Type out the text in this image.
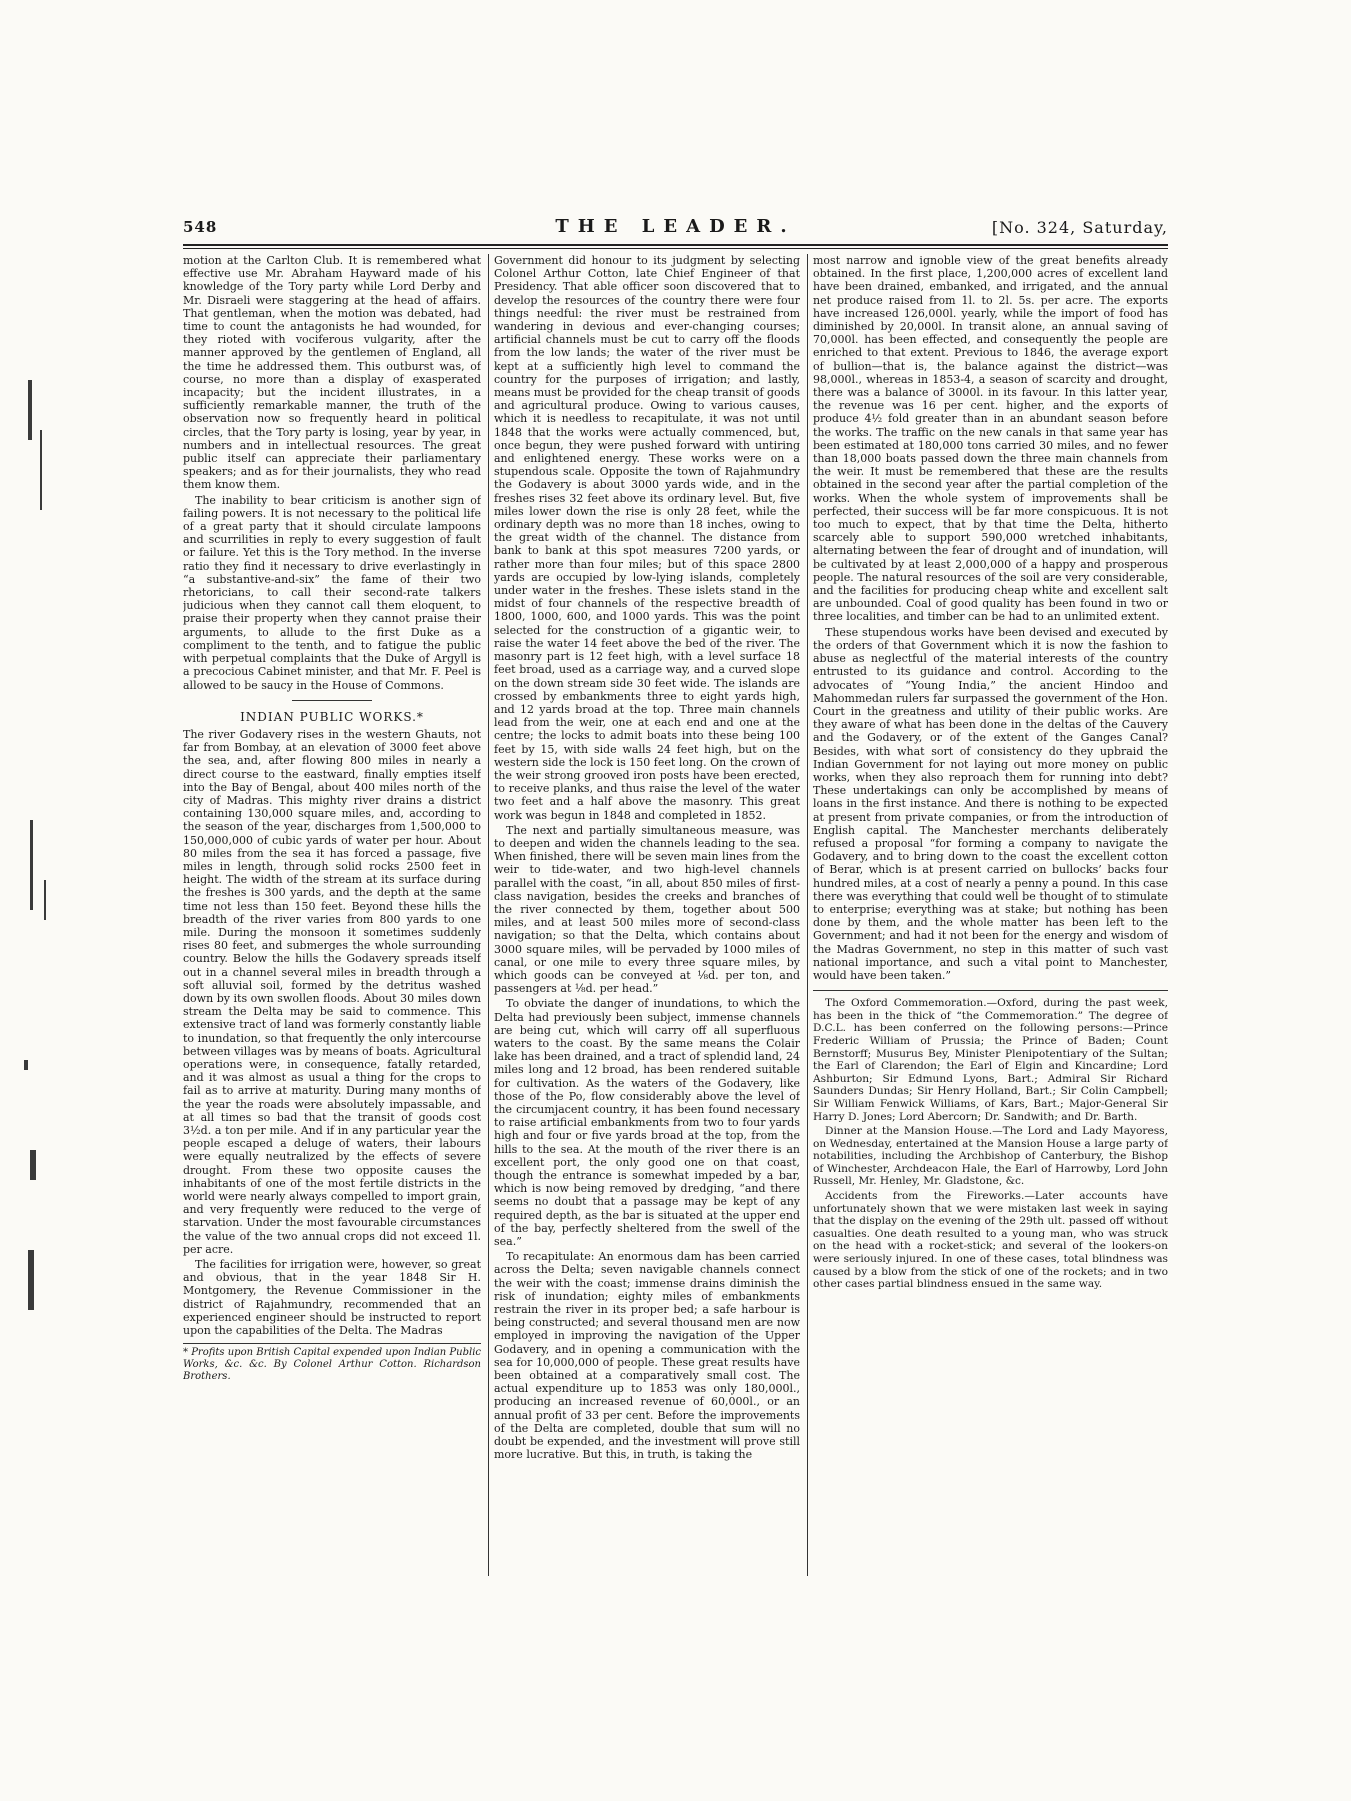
548	THE LEADER.	[No. 324, Saturday,

motion at the Carlton Club. It is remembered what effective use Mr. Abraham Hayward made of his knowledge of the Tory party while Lord Derby and Mr. Disraeli were staggering at the head of affairs. That gentleman, when the motion was debated, had time to count the antagonists he had wounded, for they rioted with vociferous vulgarity, after the manner approved by the gentlemen of England, all the time he addressed them. This outburst was, of course, no more than a display of exasperated incapacity; but the incident illustrates, in a sufficiently remarkable manner, the truth of the observation now so frequently heard in political circles, that the Tory party is losing, year by year, in numbers and in intellectual resources. The great public itself can appreciate their parliamentary speakers; and as for their journalists, they who read them know them.

The inability to bear criticism is another sign of failing powers. It is not necessary to the political life of a great party that it should circulate lampoons and scurrilities in reply to every suggestion of fault or failure. Yet this is the Tory method. In the inverse ratio they find it necessary to drive everlastingly in “a substantive-and-six” the fame of their two rhetoricians, to call their second-rate talkers judicious when they cannot call them eloquent, to praise their property when they cannot praise their arguments, to allude to the first Duke as a compliment to the tenth, and to fatigue the public with perpetual complaints that the Duke of Argyll is a precocious Cabinet minister, and that Mr. F. Peel is allowed to be saucy in the House of Commons.

INDIAN PUBLIC WORKS.*

The river Godavery rises in the western Ghauts, not far from Bombay, at an elevation of 3000 feet above the sea, and, after flowing 800 miles in nearly a direct course to the eastward, finally empties itself into the Bay of Bengal, about 400 miles north of the city of Madras. This mighty river drains a district containing 130,000 square miles, and, according to the season of the year, discharges from 1,500,000 to 150,000,000 of cubic yards of water per hour. About 80 miles from the sea it has forced a passage, five miles in length, through solid rocks 2500 feet in height. The width of the stream at its surface during the freshes is 300 yards, and the depth at the same time not less than 150 feet. Beyond these hills the breadth of the river varies from 800 yards to one mile. During the monsoon it sometimes suddenly rises 80 feet, and submerges the whole surrounding country. Below the hills the Godavery spreads itself out in a channel several miles in breadth through a soft alluvial soil, formed by the detritus washed down by its own swollen floods. About 30 miles down stream the Delta may be said to commence. This extensive tract of land was formerly constantly liable to inundation, so that frequently the only intercourse between villages was by means of boats. Agricultural operations were, in consequence, fatally retarded, and it was almost as usual a thing for the crops to fail as to arrive at maturity. During many months of the year the roads were absolutely impassable, and at all times so bad that the transit of goods cost 3½d. a ton per mile. And if in any particular year the people escaped a deluge of waters, their labours were equally neutralized by the effects of severe drought. From these two opposite causes the inhabitants of one of the most fertile districts in the world were nearly always compelled to import grain, and very frequently were reduced to the verge of starvation. Under the most favourable circumstances the value of the two annual crops did not exceed 1l. per acre.

The facilities for irrigation were, however, so great and obvious, that in the year 1848 Sir H. Montgomery, the Revenue Commissioner in the district of Rajahmundry, recommended that an experienced engineer should be instructed to report upon the capabilities of the Delta. The Madras

* Profits upon British Capital expended upon Indian Public Works, &c. &c. By Colonel Arthur Cotton. Richardson Brothers.

Government did honour to its judgment by selecting Colonel Arthur Cotton, late Chief Engineer of that Presidency. That able officer soon discovered that to develop the resources of the country there were four things needful: the river must be restrained from wandering in devious and ever-changing courses; artificial channels must be cut to carry off the floods from the low lands; the water of the river must be kept at a sufficiently high level to command the country for the purposes of irrigation; and lastly, means must be provided for the cheap transit of goods and agricultural produce. Owing to various causes, which it is needless to recapitulate, it was not until 1848 that the works were actually commenced, but, once begun, they were pushed forward with untiring and enlightened energy. These works were on a stupendous scale. Opposite the town of Rajahmundry the Godavery is about 3000 yards wide, and in the freshes rises 32 feet above its ordinary level. But, five miles lower down the rise is only 28 feet, while the ordinary depth was no more than 18 inches, owing to the great width of the channel. The distance from bank to bank at this spot measures 7200 yards, or rather more than four miles; but of this space 2800 yards are occupied by low-lying islands, completely under water in the freshes. These islets stand in the midst of four channels of the respective breadth of 1800, 1000, 600, and 1000 yards. This was the point selected for the construction of a gigantic weir, to raise the water 14 feet above the bed of the river. The masonry part is 12 feet high, with a level surface 18 feet broad, used as a carriage way, and a curved slope on the down stream side 30 feet wide. The islands are crossed by embankments three to eight yards high, and 12 yards broad at the top. Three main channels lead from the weir, one at each end and one at the centre; the locks to admit boats into these being 100 feet by 15, with side walls 24 feet high, but on the western side the lock is 150 feet long. On the crown of the weir strong grooved iron posts have been erected, to receive planks, and thus raise the level of the water two feet and a half above the masonry. This great work was begun in 1848 and completed in 1852.

The next and partially simultaneous measure, was to deepen and widen the channels leading to the sea. When finished, there will be seven main lines from the weir to tide-water, and two high-level channels parallel with the coast, “in all, about 850 miles of first-class navigation, besides the creeks and branches of the river connected by them, together about 500 miles, and at least 500 miles more of second-class navigation; so that the Delta, which contains about 3000 square miles, will be pervaded by 1000 miles of canal, or one mile to every three square miles, by which goods can be conveyed at ⅛d. per ton, and passengers at ⅛d. per head.”

To obviate the danger of inundations, to which the Delta had previously been subject, immense channels are being cut, which will carry off all superfluous waters to the coast. By the same means the Colair lake has been drained, and a tract of splendid land, 24 miles long and 12 broad, has been rendered suitable for cultivation. As the waters of the Godavery, like those of the Po, flow considerably above the level of the circumjacent country, it has been found necessary to raise artificial embankments from two to four yards high and four or five yards broad at the top, from the hills to the sea. At the mouth of the river there is an excellent port, the only good one on that coast, though the entrance is somewhat impeded by a bar, which is now being removed by dredging, “and there seems no doubt that a passage may be kept of any required depth, as the bar is situated at the upper end of the bay, perfectly sheltered from the swell of the sea.”

To recapitulate: An enormous dam has been carried across the Delta; seven navigable channels connect the weir with the coast; immense drains diminish the risk of inundation; eighty miles of embankments restrain the river in its proper bed; a safe harbour is being constructed; and several thousand men are now employed in improving the navigation of the Upper Godavery, and in opening a communication with the sea for 10,000,000 of people. These great results have been obtained at a comparatively small cost. The actual expenditure up to 1853 was only 180,000l., producing an increased revenue of 60,000l., or an annual profit of 33 per cent. Before the improvements of the Delta are completed, double that sum will no doubt be expended, and the investment will prove still more lucrative. But this, in truth, is taking the

most narrow and ignoble view of the great benefits already obtained. In the first place, 1,200,000 acres of excellent land have been drained, embanked, and irrigated, and the annual net produce raised from 1l. to 2l. 5s. per acre. The exports have increased 126,000l. yearly, while the import of food has diminished by 20,000l. In transit alone, an annual saving of 70,000l. has been effected, and consequently the people are enriched to that extent. Previous to 1846, the average export of bullion—that is, the balance against the district—was 98,000l., whereas in 1853-4, a season of scarcity and drought, there was a balance of 3000l. in its favour. In this latter year, the revenue was 16 per cent. higher, and the exports of produce 4½ fold greater than in an abundant season before the works. The traffic on the new canals in that same year has been estimated at 180,000 tons carried 30 miles, and no fewer than 18,000 boats passed down the three main channels from the weir. It must be remembered that these are the results obtained in the second year after the partial completion of the works. When the whole system of improvements shall be perfected, their success will be far more conspicuous. It is not too much to expect, that by that time the Delta, hitherto scarcely able to support 590,000 wretched inhabitants, alternating between the fear of drought and of inundation, will be cultivated by at least 2,000,000 of a happy and prosperous people. The natural resources of the soil are very considerable, and the facilities for producing cheap white and excellent salt are unbounded. Coal of good quality has been found in two or three localities, and timber can be had to an unlimited extent.

These stupendous works have been devised and executed by the orders of that Government which it is now the fashion to abuse as neglectful of the material interests of the country entrusted to its guidance and control. According to the advocates of “Young India,” the ancient Hindoo and Mahommedan rulers far surpassed the government of the Hon. Court in the greatness and utility of their public works. Are they aware of what has been done in the deltas of the Cauvery and the Godavery, or of the extent of the Ganges Canal? Besides, with what sort of consistency do they upbraid the Indian Government for not laying out more money on public works, when they also reproach them for running into debt? These undertakings can only be accomplished by means of loans in the first instance. And there is nothing to be expected at present from private companies, or from the introduction of English capital. The Manchester merchants deliberately refused a proposal “for forming a company to navigate the Godavery, and to bring down to the coast the excellent cotton of Berar, which is at present carried on bullocks’ backs four hundred miles, at a cost of nearly a penny a pound. In this case there was everything that could well be thought of to stimulate to enterprise; everything was at stake; but nothing has been done by them, and the whole matter has been left to the Government; and had it not been for the energy and wisdom of the Madras Government, no step in this matter of such vast national importance, and such a vital point to Manchester, would have been taken.”

The Oxford Commemoration.—Oxford, during the past week, has been in the thick of “the Commemoration.” The degree of D.C.L. has been conferred on the following persons:—Prince Frederic William of Prussia; the Prince of Baden; Count Bernstorff; Musurus Bey, Minister Plenipotentiary of the Sultan; the Earl of Clarendon; the Earl of Elgin and Kincardine; Lord Ashburton; Sir Edmund Lyons, Bart.; Admiral Sir Richard Saunders Dundas; Sir Henry Holland, Bart.; Sir Colin Campbell; Sir William Fenwick Williams, of Kars, Bart.; Major-General Sir Harry D. Jones; Lord Abercorn; Dr. Sandwith; and Dr. Barth.

Dinner at the Mansion House.—The Lord and Lady Mayoress, on Wednesday, entertained at the Mansion House a large party of notabilities, including the Archbishop of Canterbury, the Bishop of Winchester, Archdeacon Hale, the Earl of Harrowby, Lord John Russell, Mr. Henley, Mr. Gladstone, &c.

Accidents from the Fireworks.—Later accounts have unfortunately shown that we were mistaken last week in saying that the display on the evening of the 29th ult. passed off without casualties. One death resulted to a young man, who was struck on the head with a rocket-stick; and several of the lookers-on were seriously injured. In one of these cases, total blindness was caused by a blow from the stick of one of the rockets; and in two other cases partial blindness ensued in the same way.
